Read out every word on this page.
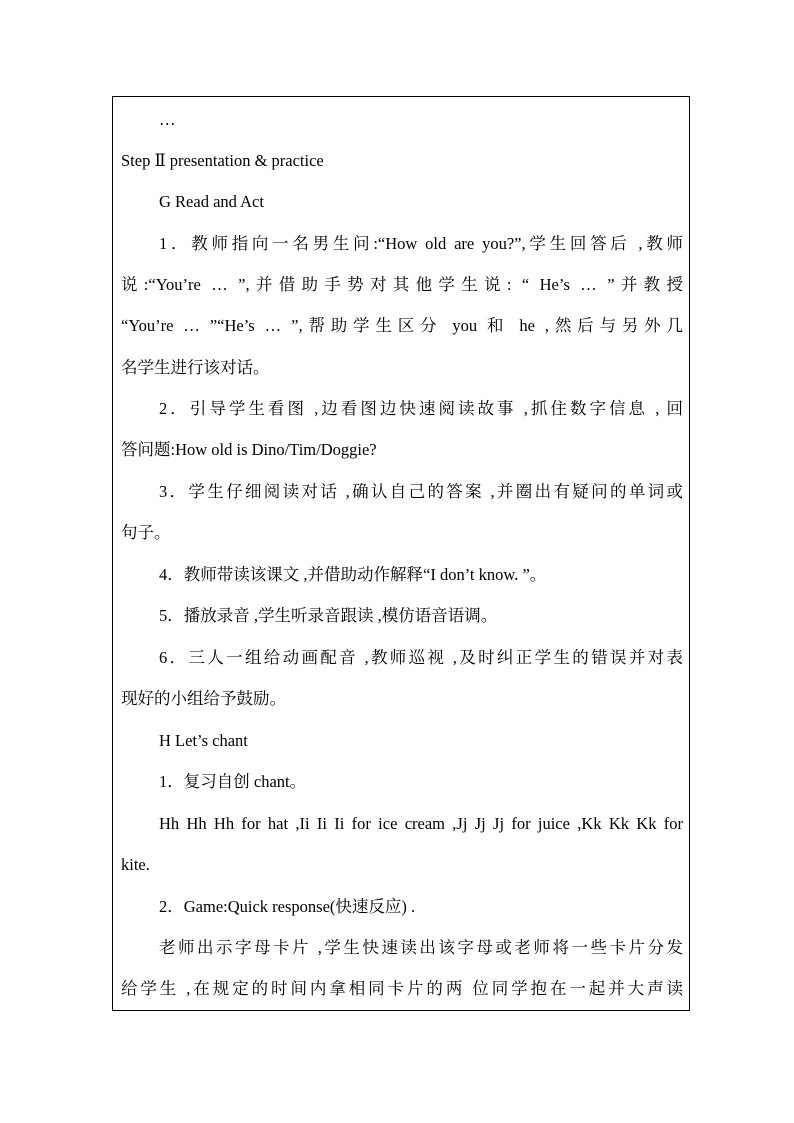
…
Step Ⅱ presentation & practice
G Read and Act
1．教师指向一名男生问:“How old are you?”,学生回答后 ,教师
说:“You’re … ”,并借助手势对其他学生说: “ He’s … ”并教授
“You’re … ”“He’s … ”,帮助学生区分 you 和 he ,然后与另外几
名学生进行该对话。
2．引导学生看图 ,边看图边快速阅读故事 ,抓住数字信息 , 回
答问题:How old is Dino/Tim/Doggie?
3．学生仔细阅读对话 ,确认自己的答案 ,并圈出有疑问的单词或
句子。
4．教师带读该课文 ,并借助动作解释“I don’t know. ”。
5．播放录音 ,学生听录音跟读 ,模仿语音语调。
6．三人一组给动画配音 ,教师巡视 ,及时纠正学生的错误并对表
现好的小组给予鼓励。
H Let’s chant
1．复习自创 chant。
Hh Hh Hh for hat ,Ii Ii Ii for ice cream ,Jj Jj Jj for juice ,Kk Kk Kk for
kite.
2．Game:Quick response(快速反应) .
老师出示字母卡片 ,学生快速读出该字母或老师将一些卡片分发
给学生 ,在规定的时间内拿相同卡片的两 位同学抱在一起并大声读
